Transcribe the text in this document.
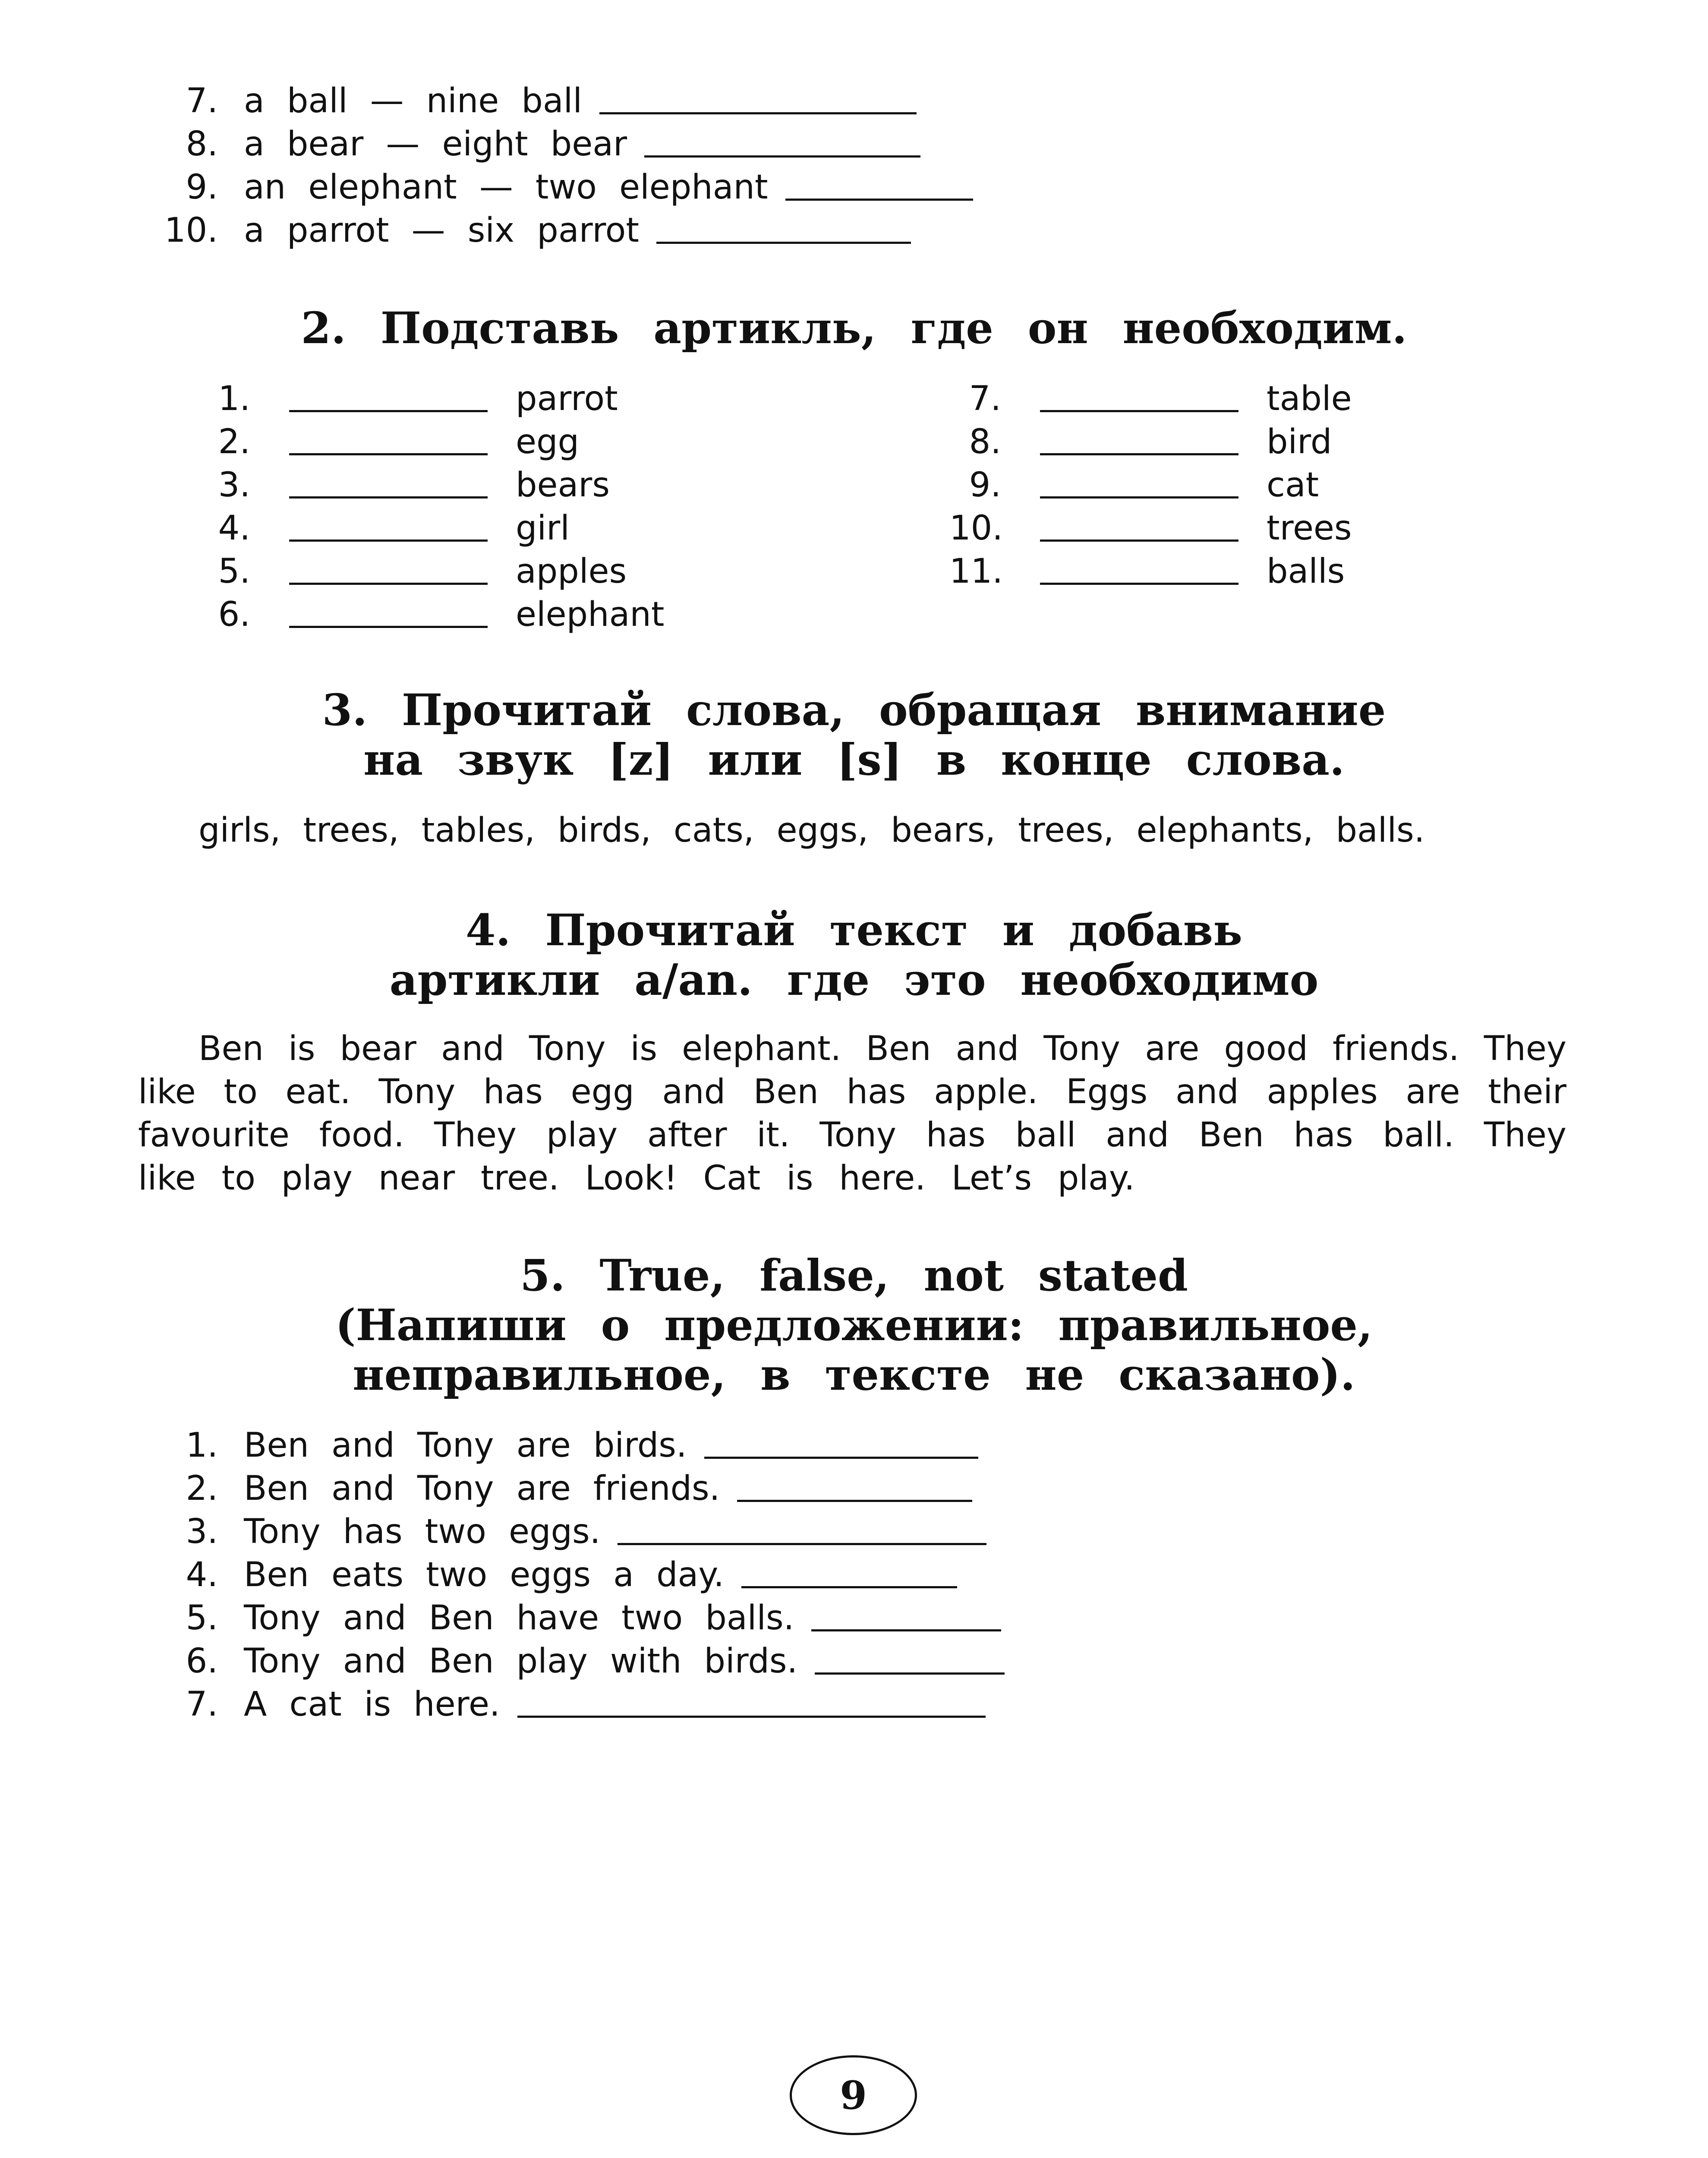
7. a ball — nine ball
8. a bear — eight bear
9. an elephant — two elephant
10. a parrot — six parrot
2. Подставь артикль, где он необходим.
1.	parrot
2.	egg
3.	bears
4.	girl
5.	apples
6.	elephant
7.	table
8.	bird
9.	cat
10.	trees
11.	balls
3. Прочитай слова, обращая внимание
на звук [z] или [s] в конце слова.
girls, trees, tables, birds, cats, eggs, bears, trees, elephants, balls.
4. Прочитай текст и добавь
артикли a/an. где это необходимо
Ben is bear and Tony is elephant. Ben and Tony are good friends. They
like to eat. Tony has egg and Ben has apple. Eggs and apples are their
favourite food. They play after it. Tony has ball and Ben has ball. They
like to play near tree. Look! Cat is here. Let’s play.
5. True, false, not stated
(Напиши о предложении: правильное,
неправильное, в тексте не сказано).
1. Ben and Tony are birds.
2. Ben and Tony are friends.
3. Tony has two eggs.
4. Ben eats two eggs a day.
5. Tony and Ben have two balls.
6. Tony and Ben play with birds.
7. A cat is here.
9
